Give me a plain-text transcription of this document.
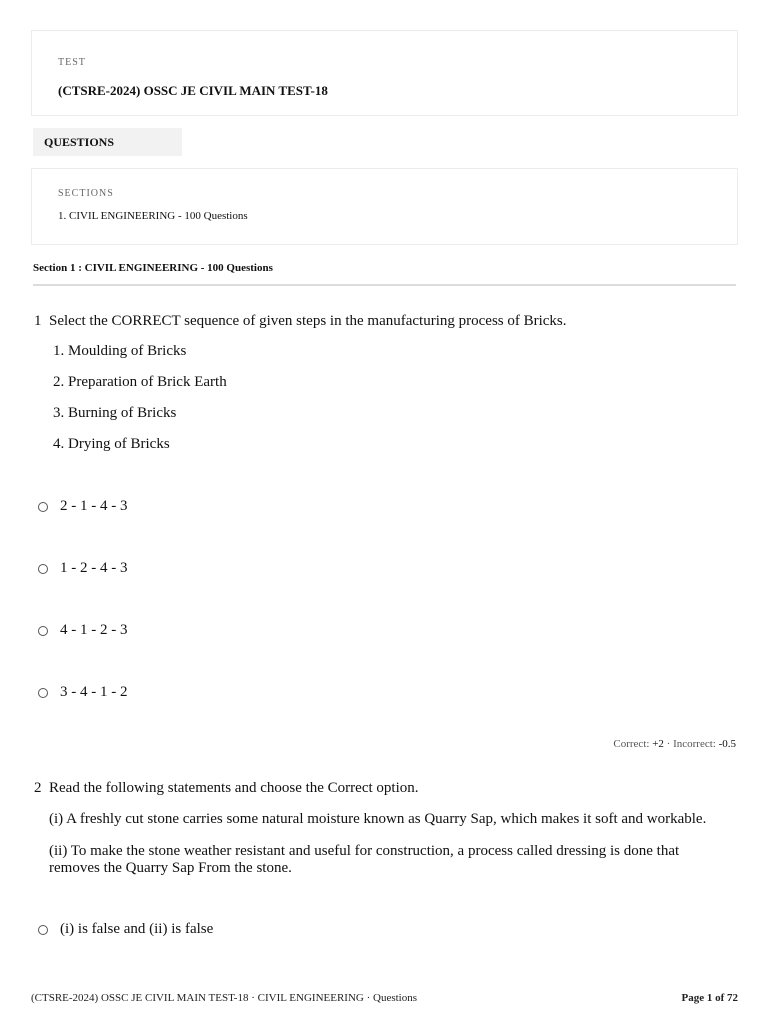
TEST
(CTSRE-2024) OSSC JE CIVIL MAIN TEST-18
QUESTIONS
SECTIONS
1. CIVIL ENGINEERING - 100 Questions
Section 1 : CIVIL ENGINEERING - 100 Questions
1 Select the CORRECT sequence of given steps in the manufacturing process of Bricks.
1. Moulding of Bricks
2. Preparation of Brick Earth
3. Burning of Bricks
4. Drying of Bricks
2 - 1 - 4 - 3
1 - 2 - 4 - 3
4 - 1 - 2 - 3
3 - 4 - 1 - 2
Correct: +2 · Incorrect: -0.5
2 Read the following statements and choose the Correct option.
(i) A freshly cut stone carries some natural moisture known as Quarry Sap, which makes it soft and workable.
(ii) To make the stone weather resistant and useful for construction, a process called dressing is done that
removes the Quarry Sap From the stone.
(i) is false and (ii) is false
(CTSRE-2024) OSSC JE CIVIL MAIN TEST-18 · CIVIL ENGINEERING · Questions	Page 1 of 72
